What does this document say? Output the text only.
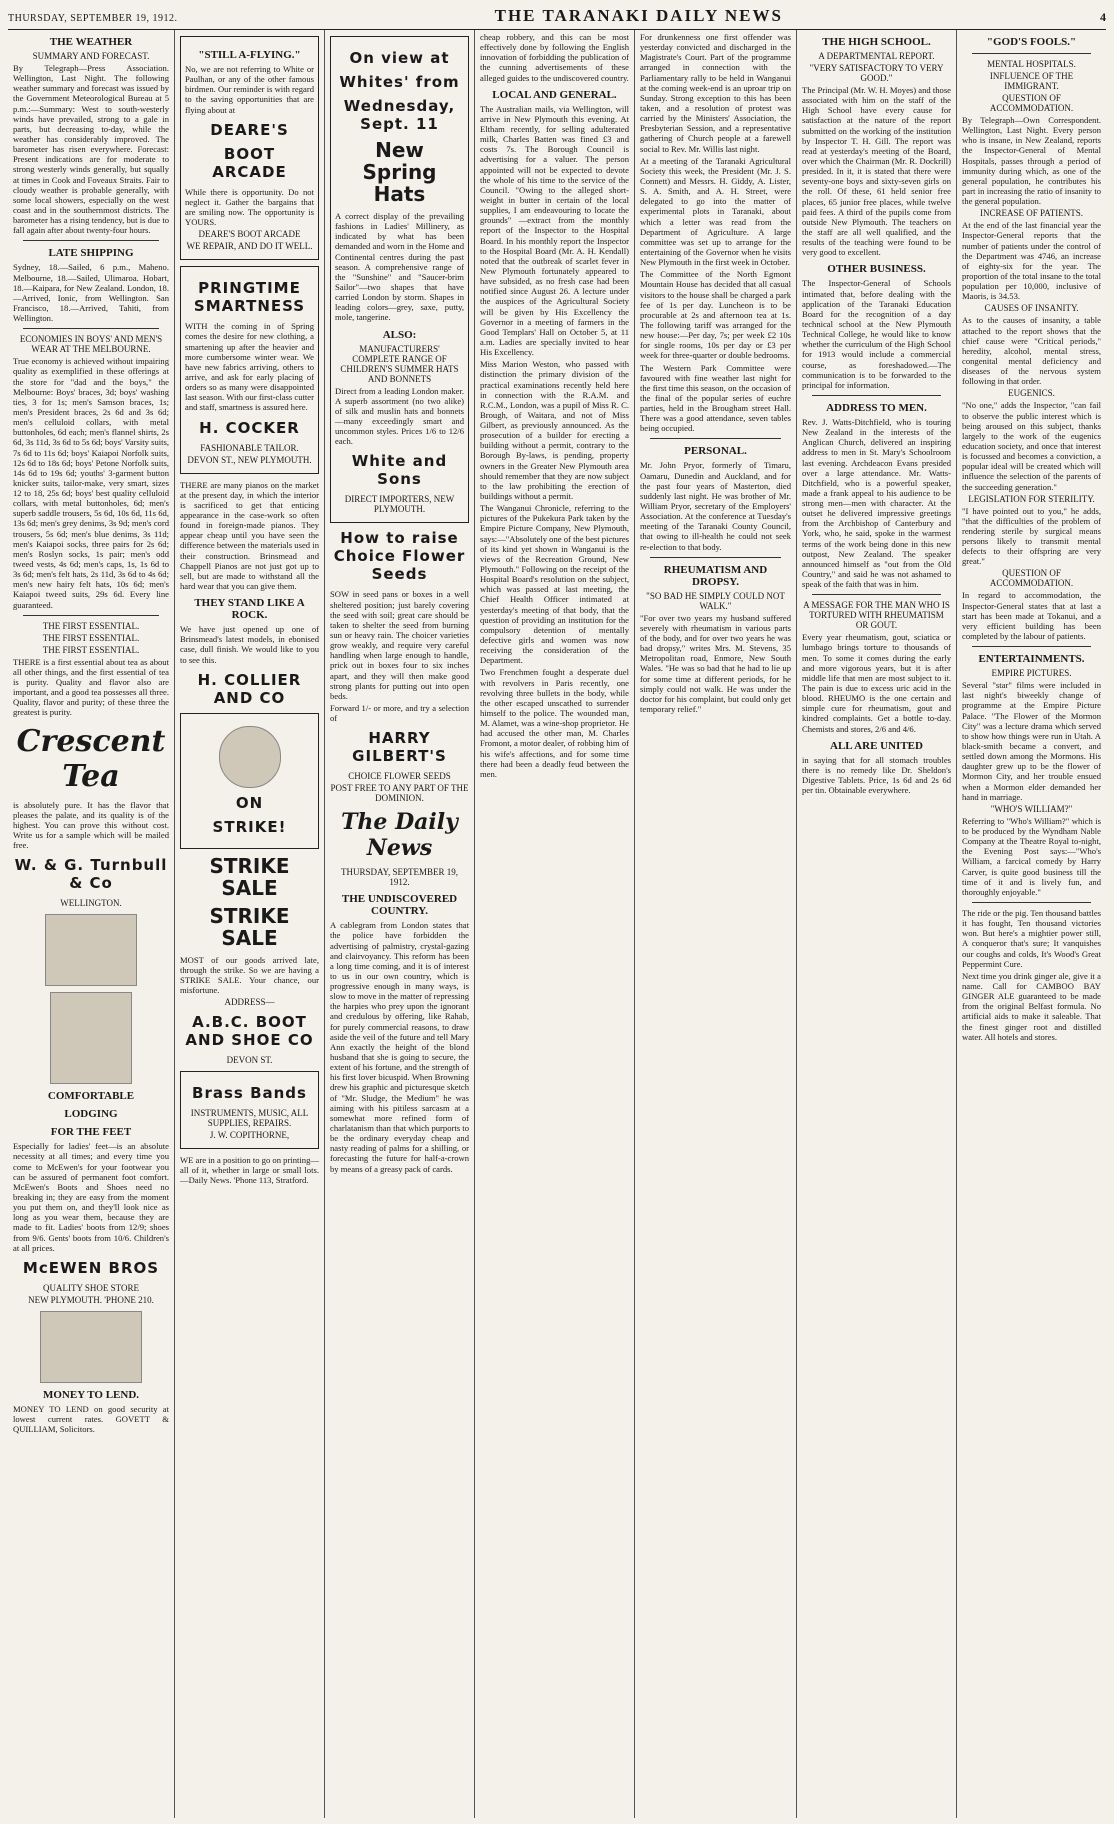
THURSDAY, SEPTEMBER 19, 1912.	THE TARANAKI DAILY NEWS	4
THE WEATHER
SUMMARY AND FORECAST.

By Telegraph—Press Association. Wellington, Last Night. The following weather summary and forecast was issued by the Government Meteorological Bureau at 5 p.m.:—Summary: West to south-westerly winds have prevailed, strong to a gale in parts, but decreasing to-day, while the weather has considerably improved. The barometer has risen everywhere. Forecast: Present indications are for moderate to strong westerly winds generally, but squally at times in Cook and Foveaux Straits. Fair to cloudy weather is probable generally, with some local showers, especially on the west coast and in the southernmost districts. The barometer has a rising tendency, but is due to fall again after about twenty-four hours.

LATE SHIPPING

Sydney, 18.—Sailed, 6 p.m., Maheno. Melbourne, 18.—Sailed, Ulimaroa. Hobart, 18.—Kaipara, for New Zealand. London, 18.—Arrived, Ionic, from Wellington. San Francisco, 18.—Arrived, Tahiti, from Wellington.

ECONOMIES IN BOYS' AND MEN'S WEAR AT THE MELBOURNE.

True economy is achieved without impairing quality as exemplified in these offerings at the store for "dad and the boys," the Melbourne: Boys' braces, 3d; boys' washing ties, 3 for 1s; men's Samson braces, 1s; men's President braces, 2s 6d and 3s 6d; men's celluloid collars, with metal buttonholes, 6d each; men's flannel shirts, 2s 6d, 3s 11d, 3s 6d to 5s 6d; boys' Varsity suits, 7s 6d to 11s 6d; boys' Kaiapoi Norfolk suits, 12s 6d to 18s 6d; boys' Petone Norfolk suits, 14s 6d to 19s 6d; youths' 3-garment button knicker suits, tailor-make, very smart, sizes 12 to 18, 25s 6d; boys' best quality celluloid collars, with metal buttonholes, 6d; men's superb saddle trousers, 5s 6d, 10s 6d, 11s 6d, 13s 6d; men's grey denims, 3s 9d; men's cord trousers, 5s 6d; men's blue denims, 3s 11d; men's Kaiapoi socks, three pairs for 2s 6d; men's Roslyn socks, 1s pair; men's odd tweed vests, 4s 6d; men's caps, 1s, 1s 6d to 3s 6d; men's felt hats, 2s 11d, 3s 6d to 4s 6d; men's new hairy felt hats, 10s 6d; men's Kaiapoi tweed suits, 29s 6d. Every line guaranteed.

THE FIRST ESSENTIAL.
THE FIRST ESSENTIAL.
THE FIRST ESSENTIAL.

THERE is a first essential about tea as about all other things, and the first essential of tea is purity. Quality and flavor also are important, and a good tea possesses all three. Quality, flavor and purity; of these three the greatest is purity.

Crescent Tea

is absolutely pure. It has the flavor that pleases the palate, and its quality is of the highest. You can prove this without cost. Write us for a sample which will be mailed free.

W. & G. Turnbull & Co
WELLINGTON.
COMFORTABLE
LODGING
FOR THE FEET

Especially for ladies' feet—is an absolute necessity at all times; and every time you come to McEwen's for your footwear you can be assured of permanent foot comfort. McEwen's Boots and Shoes need no breaking in; they are easy from the moment you put them on, and they'll look nice as long as you wear them, because they are made to fit. Ladies' boots from 12/9; shoes from 9/6. Gents' boots from 10/6. Children's at all prices.

McEWEN BROS
QUALITY SHOE STORE
NEW PLYMOUTH. 'PHONE 210.
MONEY TO LEND.

MONEY TO LEND on good security at lowest current rates. GOVETT & QUILLIAM, Solicitors.

"STILL A-FLYING."

No, we are not referring to White or Paulhan, or any of the other famous birdmen. Our reminder is with regard to the saving opportunities that are flying about at

DEARE'S
BOOT ARCADE

While there is opportunity. Do not neglect it. Gather the bargains that are smiling now. The opportunity is YOURS.

DEARE'S BOOT ARCADE
WE REPAIR, AND DO IT WELL.
PRINGTIME SMARTNESS

WITH the coming in of Spring comes the desire for new clothing, a smartening up after the heavier and more cumbersome winter wear. We have new fabrics arriving, others to arrive, and ask for early placing of orders so as many were disappointed last season. With our first-class cutter and staff, smartness is assured here.

H. COCKER
FASHIONABLE TAILOR.
DEVON ST., NEW PLYMOUTH.

THERE are many pianos on the market at the present day, in which the interior is sacrificed to get that enticing appearance in the case-work so often found in foreign-made pianos. They appear cheap until you have seen the difference between the materials used in their construction. Brinsmead and Chappell Pianos are not just got up to sell, but are made to withstand all the hard wear that you can give them.

THEY STAND LIKE A ROCK.

We have just opened up one of Brinsmead's latest models, in ebonised case, dull finish. We would like to you to see this.

H. COLLIER AND CO
ON
STRIKE!
STRIKE SALE
STRIKE SALE

MOST of our goods arrived late, through the strike. So we are having a STRIKE SALE. Your chance, our misfortune.

ADDRESS—
A.B.C. BOOT AND SHOE CO
DEVON ST.
Brass Bands
INSTRUMENTS, MUSIC, ALL SUPPLIES, REPAIRS.
J. W. COPITHORNE,

WE are in a position to go on printing—all of it, whether in large or small lots.—Daily News. 'Phone 113, Stratford.

On view at
Whites' from
Wednesday, Sept. 11
New Spring Hats

A correct display of the prevailing fashions in Ladies' Millinery, as indicated by what has been demanded and worn in the Home and Continental centres during the past season. A comprehensive range of the "Sunshine" and "Saucer-brim Sailor"—two shapes that have carried London by storm. Shapes in leading colors—grey, saxe, putty, mole, tangerine.

ALSO:
MANUFACTURERS' COMPLETE RANGE OF CHILDREN'S SUMMER HATS AND BONNETS

Direct from a leading London maker. A superb assortment (no two alike) of silk and muslin hats and bonnets—many exceedingly smart and uncommon styles. Prices 1/6 to 12/6 each.

White and Sons
DIRECT IMPORTERS, NEW PLYMOUTH.
How to raise Choice Flower Seeds

SOW in seed pans or boxes in a well sheltered position; just barely covering the seed with soil; great care should be taken to shelter the seed from burning sun or heavy rain. The choicer varieties grow weakly, and require very careful handling when large enough to handle, prick out in boxes four to six inches apart, and they will then make good strong plants for putting out into open beds.

Forward 1/- or more, and try a selection of

HARRY GILBERT'S
CHOICE FLOWER SEEDS
POST FREE TO ANY PART OF THE DOMINION.
The Daily News
THURSDAY, SEPTEMBER 19, 1912.
THE UNDISCOVERED COUNTRY.

A cablegram from London states that the police have forbidden the advertising of palmistry, crystal-gazing and clairvoyancy. This reform has been a long time coming, and it is of interest to us in our own country, which is progressive enough in many ways, is slow to move in the matter of repressing the harpies who prey upon the ignorant and credulous by offering, like Rahab, for purely commercial reasons, to draw aside the veil of the future and tell Mary Ann exactly the height of the blond husband that she is going to secure, the extent of his fortune, and the strength of his first lover bicuspid. When Browning drew his graphic and picturesque sketch of "Mr. Sludge, the Medium" he was aiming with his pitiless sarcasm at a somewhat more refined form of charlatanism than that which purports to be the ordinary everyday cheap and nasty reading of palms for a shilling, or forecasting the future for half-a-crown by means of a greasy pack of cards.

cheap robbery, and this can be most effectively done by following the English innovation of forbidding the publication of the cunning advertisements of these alleged guides to the undiscovered country.

LOCAL AND GENERAL.

The Australian mails, via Wellington, will arrive in New Plymouth this evening. At Eltham recently, for selling adulterated milk, Charles Batten was fined £3 and costs 7s. The Borough Council is advertising for a valuer. The person appointed will not be expected to devote the whole of his time to the service of the Council. "Owing to the alleged short-weight in butter in certain of the local supplies, I am endeavouring to locate the grounds" —extract from the monthly report of the Inspector to the Hospital Board. In his monthly report the Inspector to the Hospital Board (Mr. A. H. Kendall) noted that the outbreak of scarlet fever in New Plymouth fortunately appeared to have subsided, as no fresh case had been notified since August 26. A lecture under the auspices of the Agricultural Society will be given by His Excellency the Governor in a meeting of farmers in the Good Templars' Hall on October 5, at 11 a.m. Ladies are specially invited to hear His Excellency.

Miss Marion Weston, who passed with distinction the primary division of the practical examinations recently held here in connection with the R.A.M. and R.C.M., London, was a pupil of Miss R. C. Brough, of Waitara, and not of Miss Gilbert, as previously announced. As the prosecution of a builder for erecting a building without a permit, contrary to the Borough By-laws, is pending, property owners in the Greater New Plymouth area should remember that they are now subject to the law prohibiting the erection of buildings without a permit.

The Wanganui Chronicle, referring to the pictures of the Pukekura Park taken by the Empire Picture Company, New Plymouth, says:—"Absolutely one of the best pictures of its kind yet shown in Wanganui is the views of the Recreation Ground, New Plymouth." Following on the receipt of the Hospital Board's resolution on the subject, which was passed at last meeting, the Chief Health Officer intimated at yesterday's meeting of that body, that the question of providing an institution for the compulsory detention of mentally defective girls and women was now receiving the consideration of the Department.

Two Frenchmen fought a desperate duel with revolvers in Paris recently, one revolving three bullets in the body, while the other escaped unscathed to surrender himself to the police. The wounded man, M. Alamet, was a wine-shop proprietor. He had accused the other man, M. Charles Fromont, a motor dealer, of robbing him of his wife's affections, and for some time there had been a deadly feud between the men.

For drunkenness one first offender was yesterday convicted and discharged in the Magistrate's Court. Part of the programme arranged in connection with the Parliamentary rally to be held in Wanganui at the coming week-end is an uproar trip on Sunday. Strong exception to this has been taken, and a resolution of protest was carried by the Ministers' Association, the Presbyterian Session, and a representative gathering of Church people at a farewell social to Rev. Mr. Willis last night.

At a meeting of the Taranaki Agricultural Society this week, the President (Mr. J. S. Connett) and Messrs. H. Giddy, A. Lister, S. A. Smith, and A. H. Street, were delegated to go into the matter of experimental plots in Taranaki, about which a letter was read from the Department of Agriculture. A large committee was set up to arrange for the entertaining of the Governor when he visits New Plymouth in the first week in October.

The Committee of the North Egmont Mountain House has decided that all casual visitors to the house shall be charged a park fee of 1s per day. Luncheon is to be procurable at 2s and afternoon tea at 1s. The following tariff was arranged for the new house:—Per day, 7s; per week £2 10s for single rooms, 10s per day or £3 per week for three-quarter or double bedrooms.

The Western Park Committee were favoured with fine weather last night for the first time this season, on the occasion of the final of the popular series of euchre parties, held in the Brougham street Hall. There was a good attendance, seven tables being occupied.

PERSONAL.

Mr. John Pryor, formerly of Timaru, Oamaru, Dunedin and Auckland, and for the past four years of Masterton, died suddenly last night. He was brother of Mr. William Pryor, secretary of the Employers' Association. At the conference at Tuesday's meeting of the Taranaki County Council, that owing to ill-health he could not seek re-election to that body.

RHEUMATISM AND DROPSY.
"SO BAD HE SIMPLY COULD NOT WALK."

"For over two years my husband suffered severely with rheumatism in various parts of the body, and for over two years he was bad dropsy," writes Mrs. M. Stevens, 35 Metropolitan road, Enmore, New South Wales. "He was so bad that he had to lie up for some time at different periods, for he simply could not walk. He was under the doctor for his complaint, but could only get temporary relief."

THE HIGH SCHOOL.
A DEPARTMENTAL REPORT.
"VERY SATISFACTORY TO VERY GOOD."

The Principal (Mr. W. H. Moyes) and those associated with him on the staff of the High School have every cause for satisfaction at the nature of the report submitted on the working of the institution by Inspector T. H. Gill. The report was read at yesterday's meeting of the Board, over which the Chairman (Mr. R. Dockrill) presided. In it, it is stated that there were seventy-one boys and sixty-seven girls on the roll. Of these, 61 held senior free places, 65 junior free places, while twelve paid fees. A third of the pupils come from outside New Plymouth. The teachers on the staff are all well qualified, and the results of the teaching were found to be very good to excellent.

OTHER BUSINESS.

The Inspector-General of Schools intimated that, before dealing with the application of the Taranaki Education Board for the recognition of a day technical school at the New Plymouth Technical College, he would like to know whether the curriculum of the High School for 1913 would include a commercial course, as foreshadowed.—The communication is to be forwarded to the principal for information.

ADDRESS TO MEN.

Rev. J. Watts-Ditchfield, who is touring New Zealand in the interests of the Anglican Church, delivered an inspiring address to men in St. Mary's Schoolroom last evening. Archdeacon Evans presided over a large attendance. Mr. Watts-Ditchfield, who is a powerful speaker, made a frank appeal to his audience to be strong men—men with character. At the outset he delivered impressive greetings from the Archbishop of Canterbury and York, who, he said, spoke in the warmest terms of the work being done in this new outpost, New Zealand. The speaker announced himself as "out from the Old Country," and said he was not ashamed to speak of the faith that was in him.

A MESSAGE FOR THE MAN WHO IS TORTURED WITH RHEUMATISM OR GOUT.

Every year rheumatism, gout, sciatica or lumbago brings torture to thousands of men. To some it comes during the early and more vigorous years, but it is after middle life that men are most subject to it. The pain is due to excess uric acid in the blood. RHEUMO is the one certain and simple cure for rheumatism, gout and kindred complaints. Get a bottle to-day. Chemists and stores, 2/6 and 4/6.

ALL ARE UNITED

in saying that for all stomach troubles there is no remedy like Dr. Sheldon's Digestive Tablets. Price, 1s 6d and 2s 6d per tin. Obtainable everywhere.

"GOD'S FOOLS."
MENTAL HOSPITALS.
INFLUENCE OF THE IMMIGRANT.
QUESTION OF ACCOMMODATION.

By Telegraph—Own Correspondent. Wellington, Last Night. Every person who is insane, in New Zealand, reports the Inspector-General of Mental Hospitals, passes through a period of immunity during which, as one of the general population, he contributes his part in increasing the ratio of insanity to the general population.

INCREASE OF PATIENTS.

At the end of the last financial year the Inspector-General reports that the number of patients under the control of the Department was 4746, an increase of eighty-six for the year. The proportion of the total insane to the total population per 10,000, inclusive of Maoris, is 34.53.

CAUSES OF INSANITY.

As to the causes of insanity, a table attached to the report shows that the chief cause were "Critical periods," heredity, alcohol, mental stress, congenital mental deficiency and diseases of the nervous system following in that order.

EUGENICS.

"No one," adds the Inspector, "can fail to observe the public interest which is being aroused on this subject, thanks largely to the work of the eugenics education society, and once that interest is focussed and becomes a conviction, a popular ideal will be created which will influence the selection of the parents of the succeeding generation."

LEGISLATION FOR STERILITY.

"I have pointed out to you," he adds, "that the difficulties of the problem of rendering sterile by surgical means persons likely to transmit mental defects to their offspring are very great."

QUESTION OF ACCOMMODATION.

In regard to accommodation, the Inspector-General states that at last a start has been made at Tokanui, and a very efficient building has been completed by the labour of patients.

ENTERTAINMENTS.
EMPIRE PICTURES.

Several "star" films were included in last night's biweekly change of programme at the Empire Picture Palace. "The Flower of the Mormon City" was a lecture drama which served to show how things were run in Utah. A black-smith became a convert, and settled down among the Mormons. His daughter grew up to be the flower of Mormon City, and her trouble ensued when a Mormon elder demanded her hand in marriage.

"WHO'S WILLIAM?"

Referring to "Who's William?" which is to be produced by the Wyndham Nable Company at the Theatre Royal to-night, the Evening Post says:—"Who's William, a farcical comedy by Harry Carver, is quite good business till the time of it and is lively fun, and thoroughly enjoyable."

The ride or the pig. Ten thousand battles it has fought, Ten thousand victories won. But here's a mightier power still, A conqueror that's sure; It vanquishes our coughs and colds, It's Wood's Great Peppermint Cure.

Next time you drink ginger ale, give it a name. Call for CAMBOO BAY GINGER ALE guaranteed to be made from the original Belfast formula. No artificial aids to make it saleable. That the finest ginger root and distilled water. All hotels and stores.
